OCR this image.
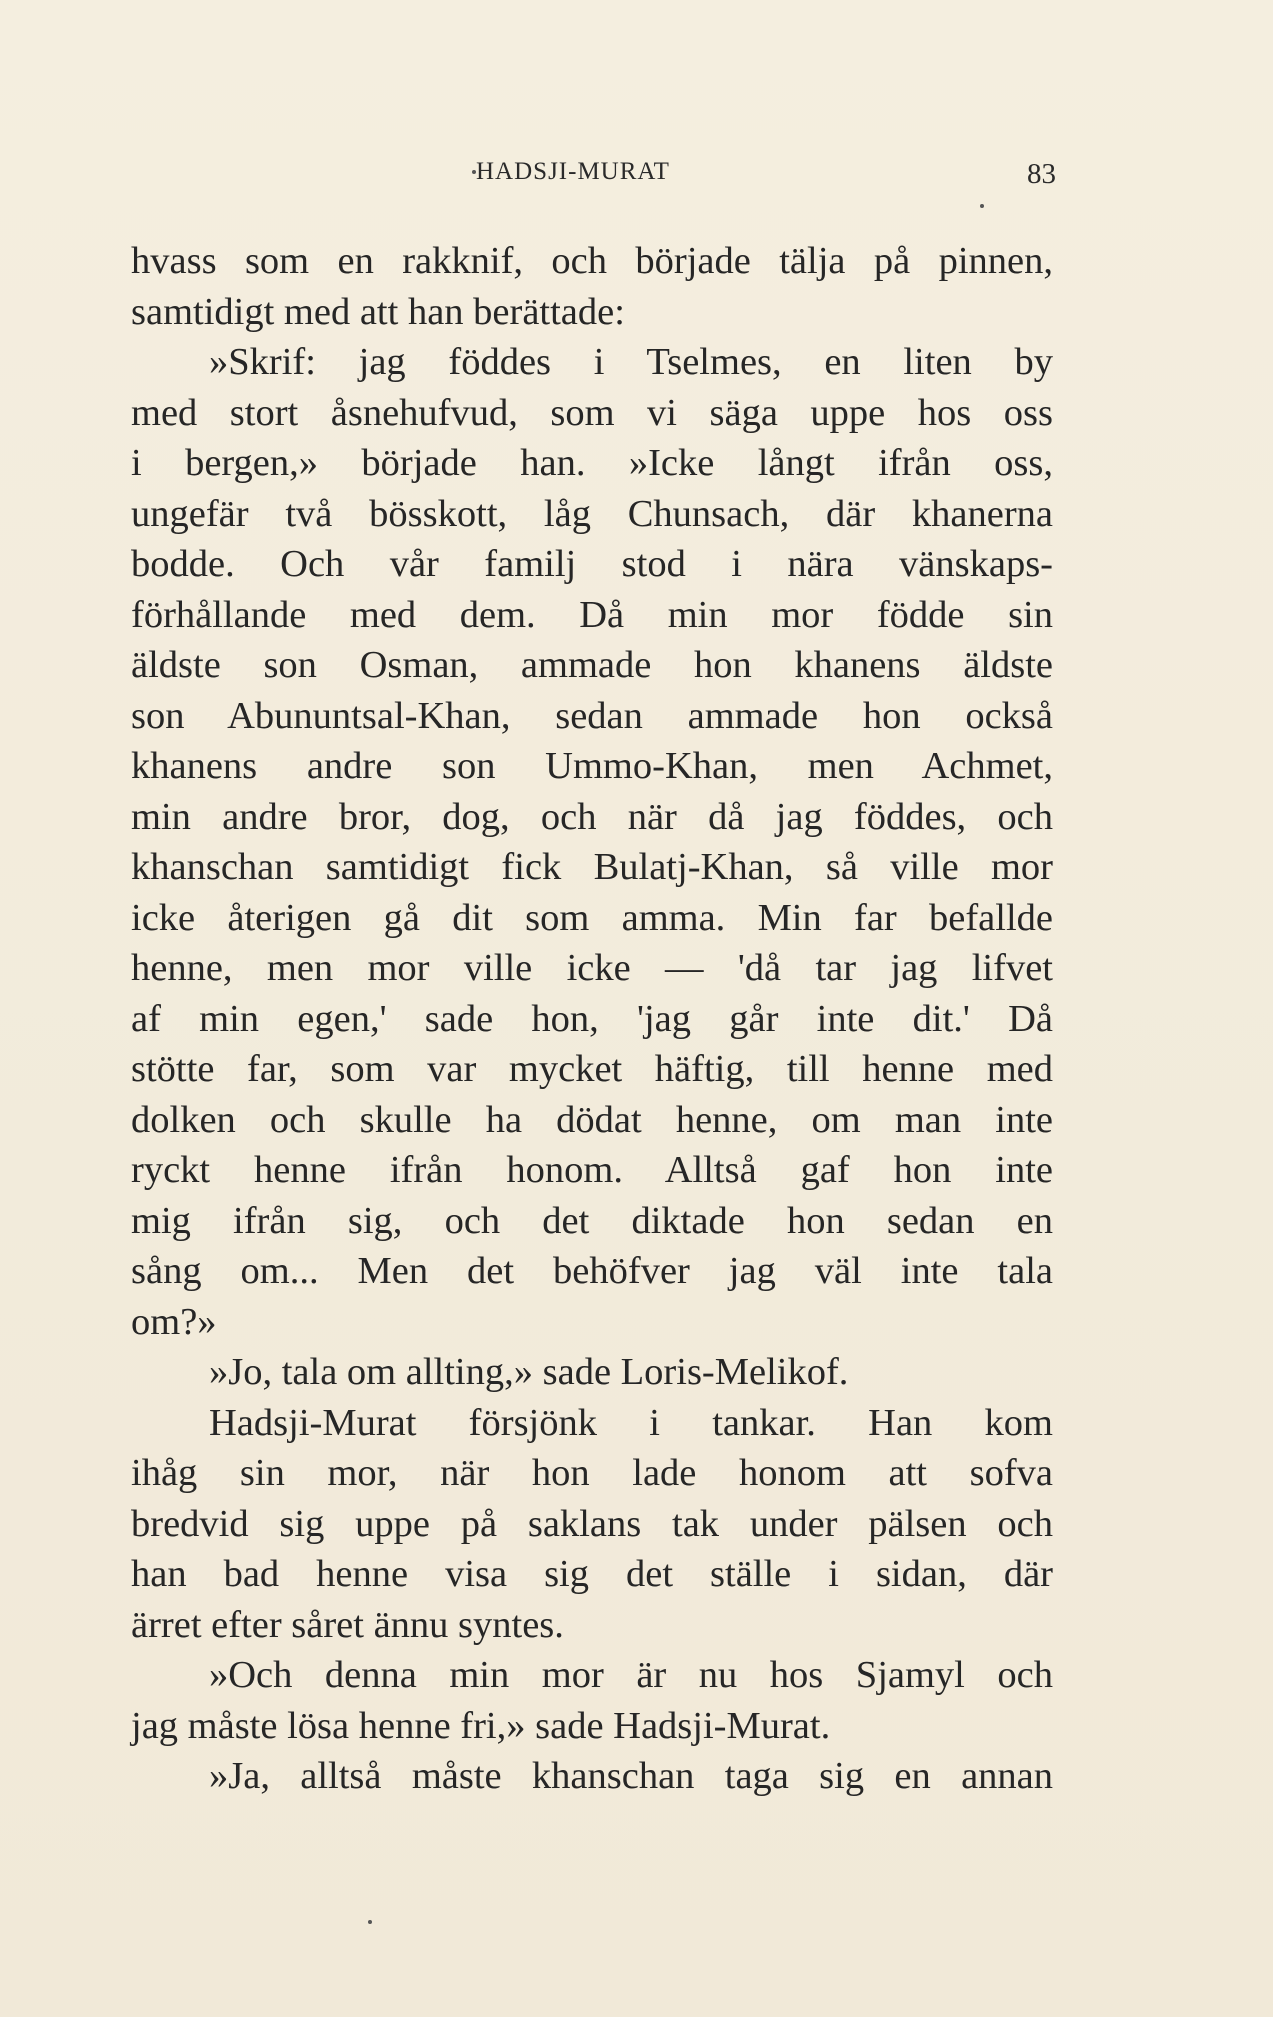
HADSJI-MURAT	83
hvass som en rakknif, och började tälja på pinnen,
samtidigt med att han berättade:
»Skrif: jag föddes i Tselmes, en liten by
med stort åsnehufvud, som vi säga uppe hos oss
i bergen,» började han. »Icke långt ifrån oss,
ungefär två bösskott, låg Chunsach, där khanerna
bodde. Och vår familj stod i nära vänskaps-
förhållande med dem. Då min mor födde sin
äldste son Osman, ammade hon khanens äldste
son Abununtsal-Khan, sedan ammade hon också
khanens andre son Ummo-Khan, men Achmet,
min andre bror, dog, och när då jag föddes, och
khanschan samtidigt fick Bulatj-Khan, så ville mor
icke återigen gå dit som amma. Min far befallde
henne, men mor ville icke — 'då tar jag lifvet
af min egen,' sade hon, 'jag går inte dit.' Då
stötte far, som var mycket häftig, till henne med
dolken och skulle ha dödat henne, om man inte
ryckt henne ifrån honom. Alltså gaf hon inte
mig ifrån sig, och det diktade hon sedan en
sång om... Men det behöfver jag väl inte tala
om?»
»Jo, tala om allting,» sade Loris-Melikof.
Hadsji-Murat försjönk i tankar. Han kom
ihåg sin mor, när hon lade honom att sofva
bredvid sig uppe på saklans tak under pälsen och
han bad henne visa sig det ställe i sidan, där
ärret efter såret ännu syntes.
»Och denna min mor är nu hos Sjamyl och
jag måste lösa henne fri,» sade Hadsji-Murat.
»Ja, alltså måste khanschan taga sig en annan
